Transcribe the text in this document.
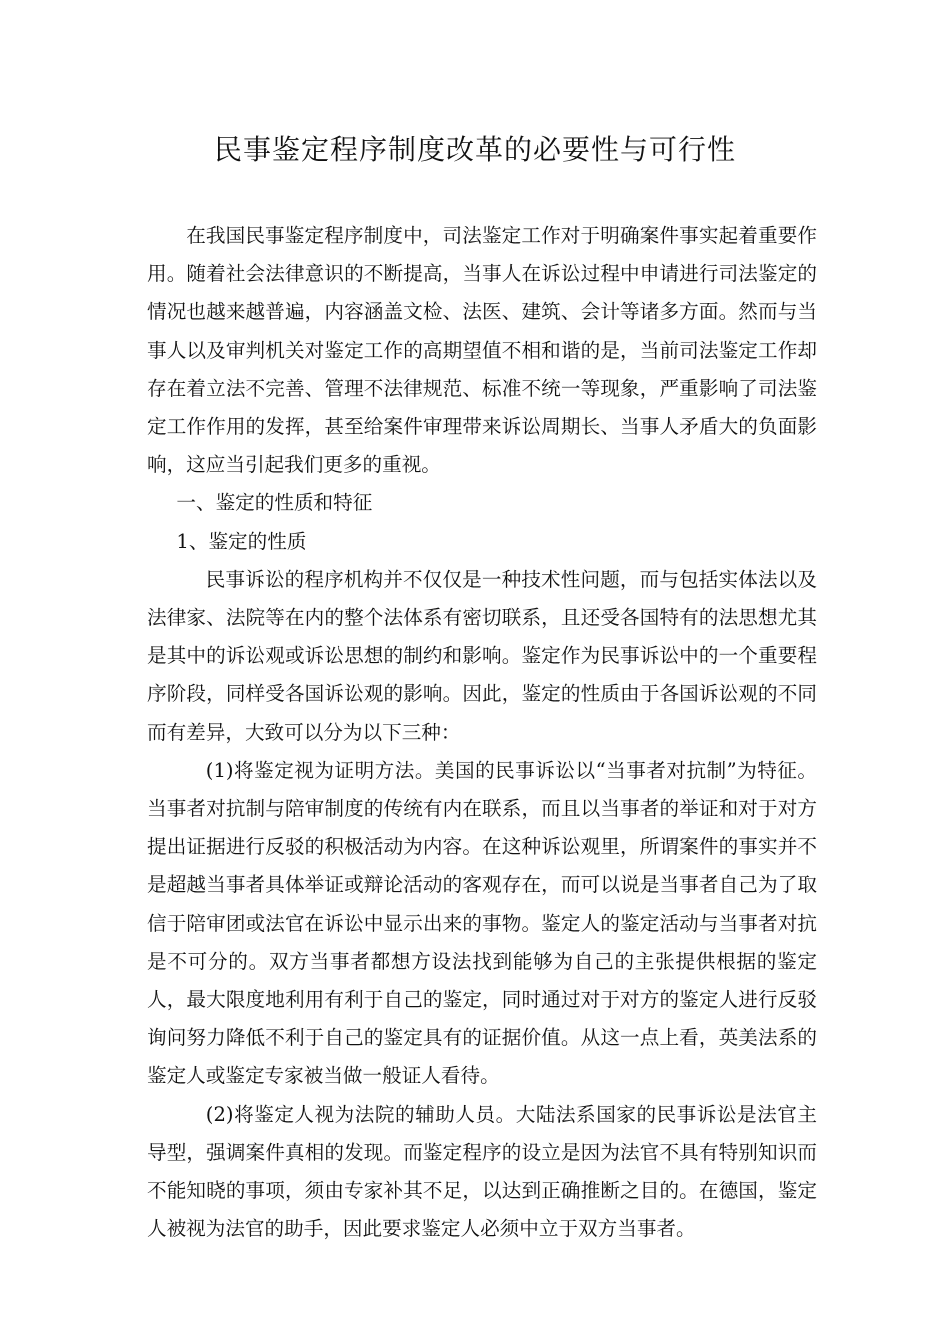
民事鉴定程序制度改革的必要性与可行性

在我国民事鉴定程序制度中，司法鉴定工作对于明确案件事实起着重要作用。随着社会法律意识的不断提高，当事人在诉讼过程中申请进行司法鉴定的情况也越来越普遍，内容涵盖文检、法医、建筑、会计等诸多方面。然而与当事人以及审判机关对鉴定工作的高期望值不相和谐的是，当前司法鉴定工作却存在着立法不完善、管理不法律规范、标准不统一等现象，严重影响了司法鉴定工作作用的发挥，甚至给案件审理带来诉讼周期长、当事人矛盾大的负面影响，这应当引起我们更多的重视。

一、鉴定的性质和特征

1、鉴定的性质

民事诉讼的程序机构并不仅仅是一种技术性问题，而与包括实体法以及法律家、法院等在内的整个法体系有密切联系，且还受各国特有的法思想尤其是其中的诉讼观或诉讼思想的制约和影响。鉴定作为民事诉讼中的一个重要程序阶段，同样受各国诉讼观的影响。因此，鉴定的性质由于各国诉讼观的不同而有差异，大致可以分为以下三种：

(1)将鉴定视为证明方法。美国的民事诉讼以“当事者对抗制”为特征。当事者对抗制与陪审制度的传统有内在联系，而且以当事者的举证和对于对方提出证据进行反驳的积极活动为内容。在这种诉讼观里，所谓案件的事实并不是超越当事者具体举证或辩论活动的客观存在，而可以说是当事者自己为了取信于陪审团或法官在诉讼中显示出来的事物。鉴定人的鉴定活动与当事者对抗是不可分的。双方当事者都想方设法找到能够为自己的主张提供根据的鉴定人，最大限度地利用有利于自己的鉴定，同时通过对于对方的鉴定人进行反驳询问努力降低不利于自己的鉴定具有的证据价值。从这一点上看，英美法系的鉴定人或鉴定专家被当做一般证人看待。

(2)将鉴定人视为法院的辅助人员。大陆法系国家的民事诉讼是法官主导型，强调案件真相的发现。而鉴定程序的设立是因为法官不具有特别知识而不能知晓的事项，须由专家补其不足，以达到正确推断之目的。在德国，鉴定人被视为法官的助手，因此要求鉴定人必须中立于双方当事者。
